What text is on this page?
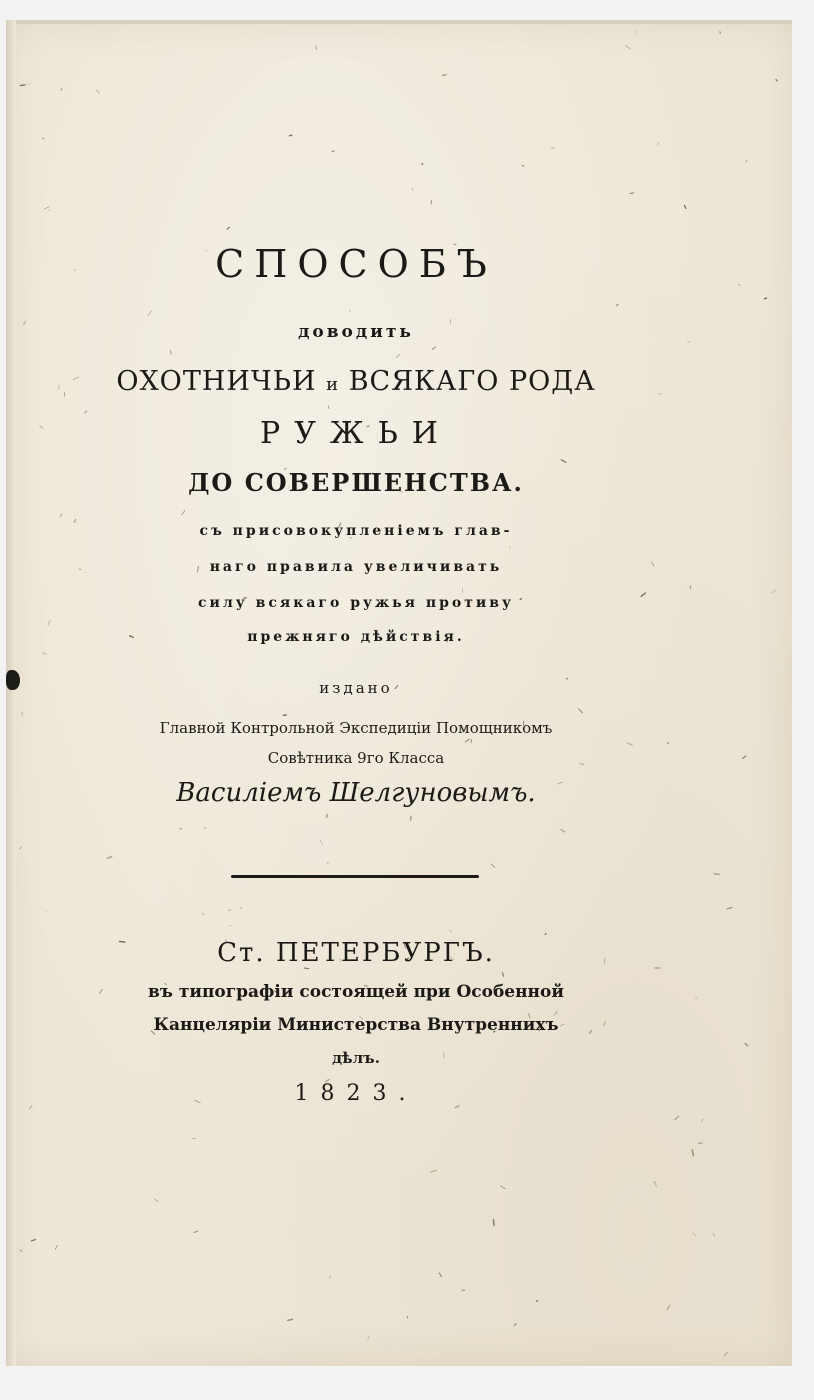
СПОСОБЪ
доводить
ОХОТНИЧЬИ и ВСЯКАГО РОДА
РУЖЬИ
ДО СОВЕРШЕНСТВА.
съ присовокупленіемъ глав-
наго правила увеличивать
силу всякаго ружья противу
прежняго дѣйствія.
издано
Главной Контрольной Экспедиціи Помощникомъ
Совѣтника 9го Класса
Василіемъ Шелгуновымъ.
Ст. ПЕТЕРБУРГЪ.
въ типографіи состоящей при Особенной
Канцеляріи Министерства Внутреннихъ
дѣлъ.
1823.
